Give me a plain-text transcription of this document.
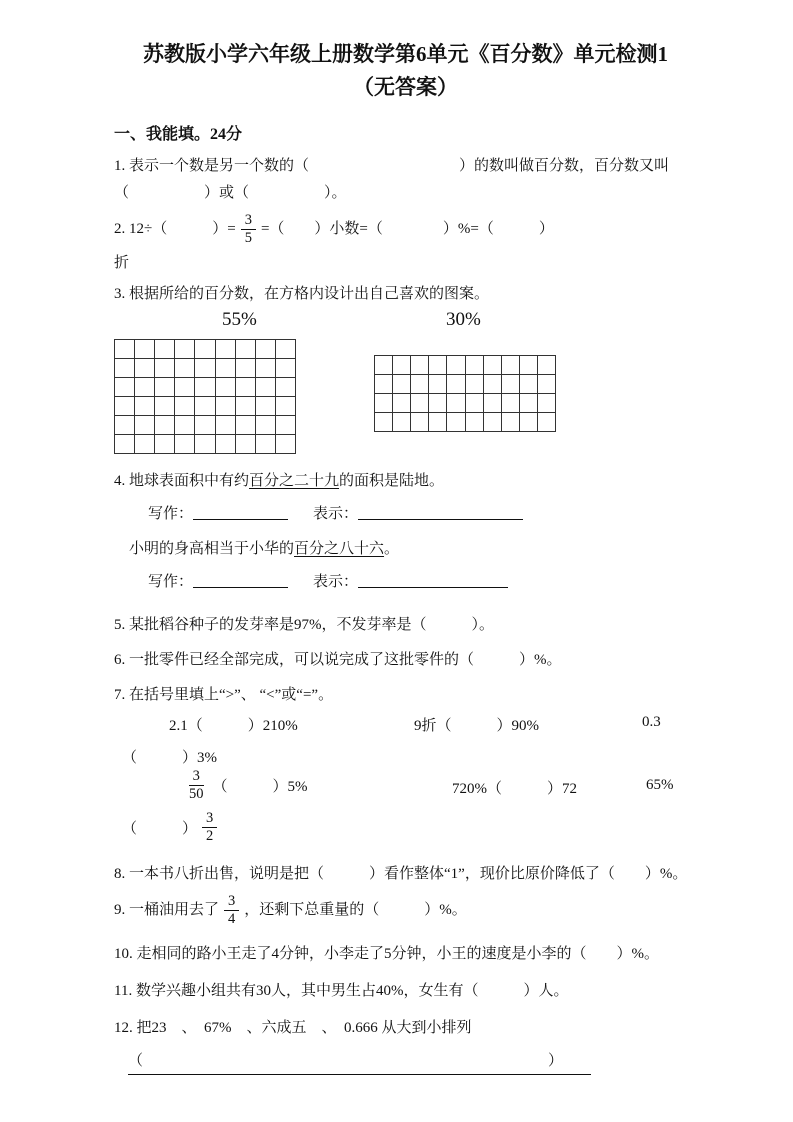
苏教版小学六年级上册数学第6单元《百分数》单元检测1
（无答案）
一、我能填。24分

1. 表示一个数是另一个数的（　　　　　　　　　　）的数叫做百分数，百分数又叫

（　　　　　）或（　　　　　）。

2. 12÷（　　　）= $\frac{3}{5}$ =（　　）小数=（　　　　）%=（　　　）

折

3. 根据所给的百分数，在方格内设计出自己喜欢的图案。

55%	30%

4. 地球表面积中有约百分之二十九的面积是陆地。

写作：	表示：

小明的身高相当于小华的百分之八十六。

写作：	表示：

5. 某批稻谷种子的发芽率是97%，不发芽率是（　　　）。

6. 一批零件已经全部完成，可以说完成了这批零件的（　　　）%。

7. 在括号里填上“>”、 “<”或“=”。

2.1（　　　）210%	9折（　　　）90%	0.3
（　　　）3%
$\frac{3}{50}$ （　　　）5%	720%（　　　）72	65%
（　　　） $\frac{3}{2}$

8. 一本书八折出售，说明是把（　　　）看作整体“1”，现价比原价降低了（　　）%。

9. 一桶油用去了 $\frac{3}{4}$ ，还剩下总重量的（　　　）%。

10. 走相同的路小王走了4分钟，小李走了5分钟，小王的速度是小李的（　　）%。

11. 数学兴趣小组共有30人，其中男生占40%，女生有（　　　）人。

12. 把23　、　67%　、六成五　、　0.666 从大到小排列

（　　　　　　　　　　　　　　　　　　　　　　　　　　　）
